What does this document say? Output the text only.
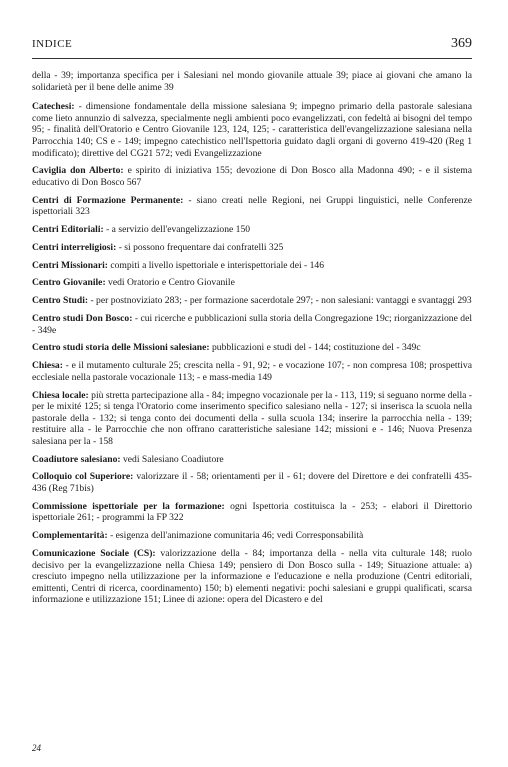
INDICE	369

della - 39; importanza specifica per i Salesiani nel mondo giovanile attuale 39; piace ai giovani che amano la solidarietà per il bene delle anime 39

Catechesi: - dimensione fondamentale della missione salesiana 9; impegno primario della pastorale salesiana come lieto annunzio di salvezza, specialmente negli ambienti poco evangelizzati, con fedeltà ai bisogni del tempo 95; - finalità dell'Oratorio e Centro Giovanile 123, 124, 125; - caratteristica dell'evangelizzazione salesiana nella Parrocchia 140; CS e - 149; impegno catechistico nell'Ispettoria guidato dagli organi di governo 419-420 (Reg 1 modificato); direttive del CG21 572; vedi Evangelizzazione

Caviglia don Alberto: e spirito di iniziativa 155; devozione di Don Bosco alla Madonna 490; - e il sistema educativo di Don Bosco 567

Centri di Formazione Permanente: - siano creati nelle Regioni, nei Gruppi linguistici, nelle Conferenze ispettoriali 323

Centri Editoriali: - a servizio dell'evangelizzazione 150

Centri interreligiosi: - si possono frequentare dai confratelli 325

Centri Missionari: compiti a livello ispettoriale e interispettoriale dei - 146

Centro Giovanile: vedi Oratorio e Centro Giovanile

Centro Studi: - per postnoviziato 283; - per formazione sacerdotale 297; - non salesiani: vantaggi e svantaggi 293

Centro studi Don Bosco: - cui ricerche e pubblicazioni sulla storia della Congregazione 19c; riorganizzazione del - 349e

Centro studi storia delle Missioni salesiane: pubblicazioni e studi del - 144; costituzione del - 349c

Chiesa: - e il mutamento culturale 25; crescita nella - 91, 92; - e vocazione 107; - non compresa 108; prospettiva ecclesiale nella pastorale vocazionale 113; - e mass-media 149

Chiesa locale: più stretta partecipazione alla - 84; impegno vocazionale per la - 113, 119; si seguano norme della - per le mixité 125; si tenga l'Oratorio come inserimento specifico salesiano nella - 127; si inserisca la scuola nella pastorale della - 132; si tenga conto dei documenti della - sulla scuola 134; inserire la parrocchia nella - 139; restituire alla - le Parrocchie che non offrano caratteristiche salesiane 142; missioni e - 146; Nuova Presenza salesiana per la - 158

Coadiutore salesiano: vedi Salesiano Coadiutore

Colloquio col Superiore: valorizzare il - 58; orientamenti per il - 61; dovere del Direttore e dei confratelli 435-436 (Reg 71bis)

Commissione ispettoriale per la formazione: ogni Ispettoria costituisca la - 253; - elabori il Direttorio ispettoriale 261; - programmi la FP 322

Complementarità: - esigenza dell'animazione comunitaria 46; vedi Corresponsabilità

Comunicazione Sociale (CS): valorizzazione della - 84; importanza della - nella vita culturale 148; ruolo decisivo per la evangelizzazione nella Chiesa 149; pensiero di Don Bosco sulla - 149; Situazione attuale: a) cresciuto impegno nella utilizzazione per la informazione e l'educazione e nella produzione (Centri editoriali, emittenti, Centri di ricerca, coordinamento) 150; b) elementi negativi: pochi salesiani e gruppi qualificati, scarsa informazione e utilizzazione 151; Linee di azione: opera del Dicastero e del

24
